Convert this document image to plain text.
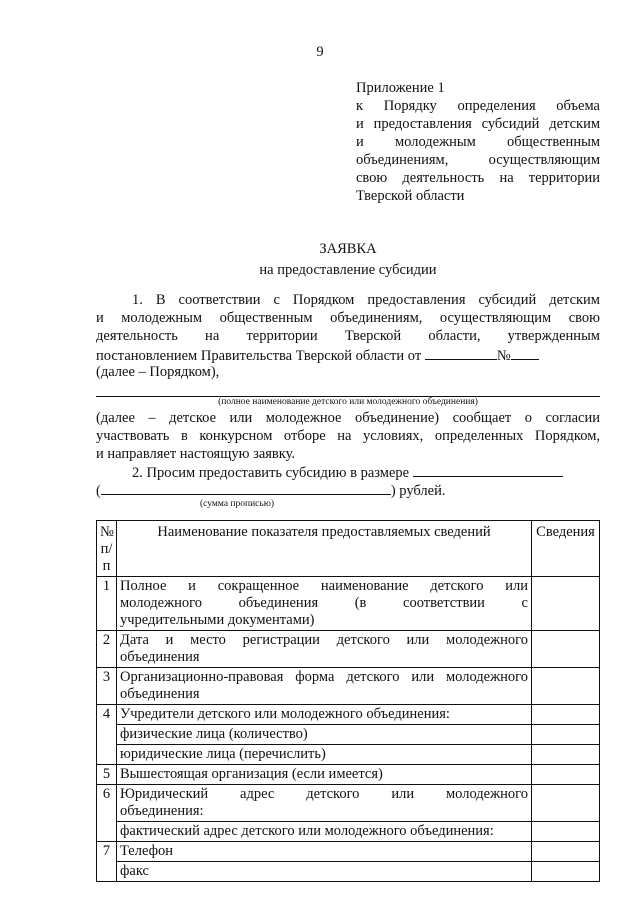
9
Приложение 1
к Порядку определения объема
и предоставления субсидий детским
и молодежным общественным
объединениям, осуществляющим
свою деятельность на территории
Тверской области
ЗАЯВКА
на предоставление субсидии
1. В соответствии с Порядком предоставления субсидий детским
и молодежным общественным объединениям, осуществляющим свою
деятельность на территории Тверской области, утвержденным
постановлением Правительства Тверской области от	№
(далее – Порядком),
(полное наименование детского или молодежного объединения)
(далее – детское или молодежное объединение) сообщает о согласии
участвовать в конкурсном отборе на условиях, определенных Порядком,
и направляет настоящую заявку.
2. Просим предоставить субсидию в размере
(	) рублей.
(сумма прописью)
№ п/п	Наименование показателя предоставляемых сведений	Сведения
1	Полное и сокращенное наименование детского или
молодежного объединения (в соответствии с
учредительными документами)	

2	Дата и место регистрации детского или молодежного
объединения	

3	Организационно-правовая форма детского или молодежного
объединения	

4	Учредители детского или молодежного объединения:	

	физические лица (количество)	

	юридические лица (перечислить)	

5	Вышестоящая организация (если имеется)	

6	Юридический адрес детского или молодежного
объединения:	

	фактический адрес детского или молодежного объединения:	

7	Телефон	

	факс	
